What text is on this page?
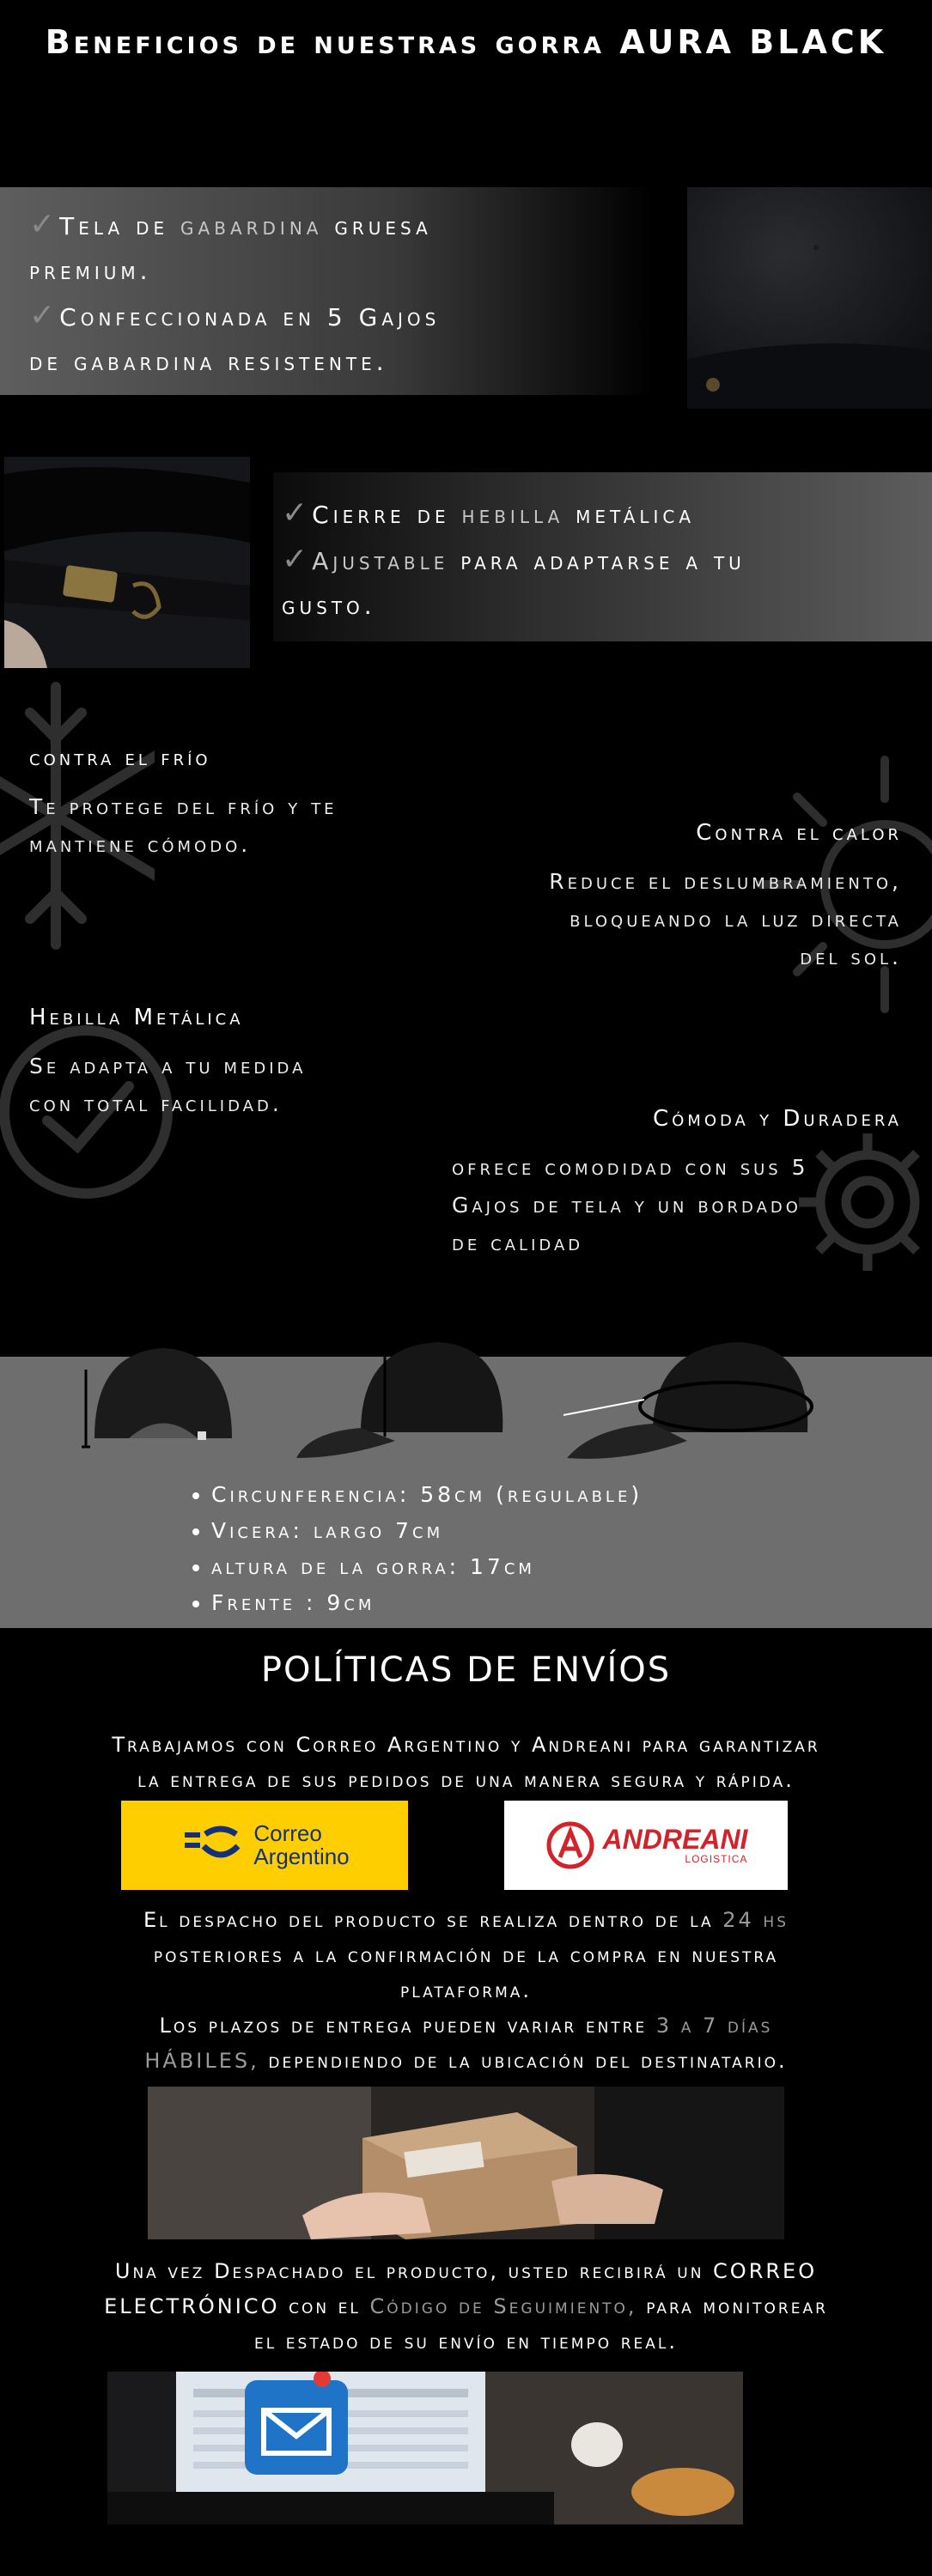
Beneficios de nuestras gorra AURA BLACK
✓Tela de gabardina gruesa
premium.
✓Confeccionada en 5 Gajos
de gabardina resistente.
✓Cierre de hebilla metálica
✓Ajustable para adaptarse a tu
gusto.
contra el frío
Te protege del frío y te
mantiene cómodo.	Contra el calor
Reduce el deslumbramiento,
bloqueando la luz directa
del sol.
Hebilla Metálica
Se adapta a tu medida
con total facilidad.
Cómoda y Duradera
ofrece comodidad con sus 5
Gajos de tela y un bordado
de calidad
• Circunferencia: 58cm (regulable)
• Vicera: largo 7cm
• altura de la gorra: 17cm
• Frente : 9cm
POLÍTICAS DE ENVÍOS
Trabajamos con Correo Argentino y Andreani para garantizar
la entrega de sus pedidos de una manera segura y rápida.
Correo
Argentino
ANDREANI
LOGISTICA
El despacho del producto se realiza dentro de la 24 hs
posteriores a la confirmación de la compra en nuestra
plataforma.
Los plazos de entrega pueden variar entre 3 a 7 días
HÁBILES, dependiendo de la ubicación del destinatario.
Una vez Despachado el producto, usted recibirá un CORREO
ELECTRÓNICO con el Código de Seguimiento, para monitorear
el estado de su envío en tiempo real.
